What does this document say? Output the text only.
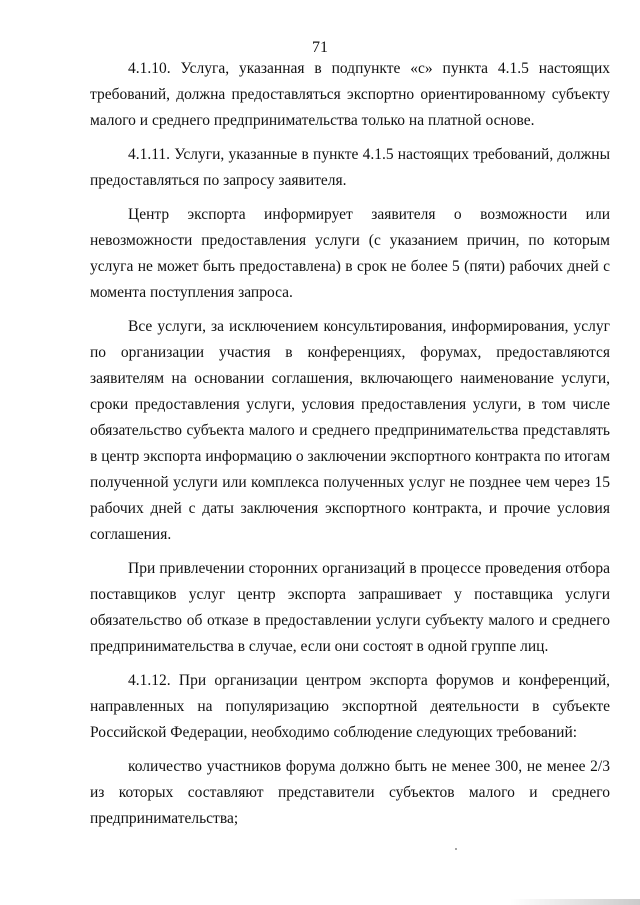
71

4.1.10. Услуга, указанная в подпункте «с» пункта 4.1.5 настоящих требований, должна предоставляться экспортно ориентированному субъекту малого и среднего предпринимательства только на платной основе.

4.1.11. Услуги, указанные в пункте 4.1.5 настоящих требований, должны предоставляться по запросу заявителя.

Центр экспорта информирует заявителя о возможности или невозможности предоставления услуги (с указанием причин, по которым услуга не может быть предоставлена) в срок не более 5 (пяти) рабочих дней с момента поступления запроса.

Все услуги, за исключением консультирования, информирования, услуг по организации участия в конференциях, форумах, предоставляются заявителям на основании соглашения, включающего наименование услуги, сроки предоставления услуги, условия предоставления услуги, в том числе обязательство субъекта малого и среднего предпринимательства представлять в центр экспорта информацию о заключении экспортного контракта по итогам полученной услуги или комплекса полученных услуг не позднее чем через 15 рабочих дней с даты заключения экспортного контракта, и прочие условия соглашения.

При привлечении сторонних организаций в процессе проведения отбора поставщиков услуг центр экспорта запрашивает у поставщика услуги обязательство об отказе в предоставлении услуги субъекту малого и среднего предпринимательства в случае, если они состоят в одной группе лиц.

4.1.12. При организации центром экспорта форумов и конференций, направленных на популяризацию экспортной деятельности в субъекте Российской Федерации, необходимо соблюдение следующих требований:

количество участников форума должно быть не менее 300, не менее 2/3 из которых составляют представители субъектов малого и среднего предпринимательства;
